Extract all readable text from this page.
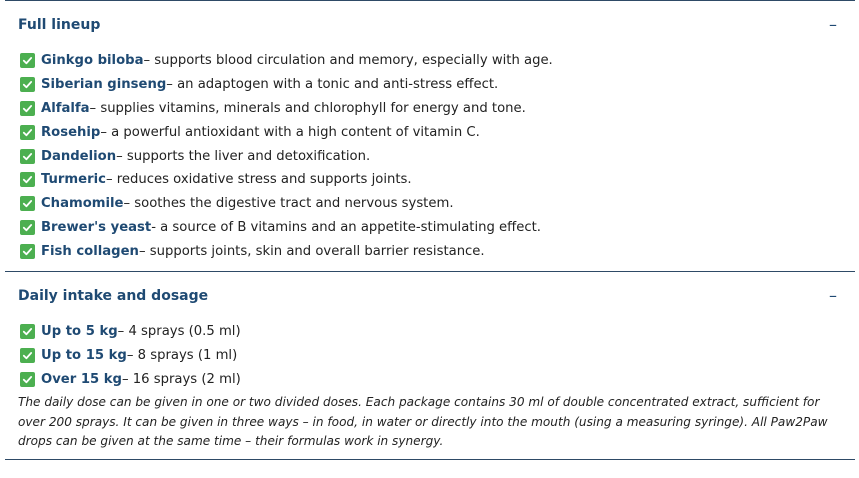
Full lineup	–
Ginkgo biloba – supports blood circulation and memory, especially with age.
Siberian ginseng – an adaptogen with a tonic and anti-stress effect.
Alfalfa – supplies vitamins, minerals and chlorophyll for energy and tone.
Rosehip – a powerful antioxidant with a high content of vitamin C.
Dandelion – supports the liver and detoxification.
Turmeric – reduces oxidative stress and supports joints.
Chamomile – soothes the digestive tract and nervous system.
Brewer's yeast - a source of B vitamins and an appetite-stimulating effect.
Fish collagen – supports joints, skin and overall barrier resistance.
Daily intake and dosage	–
Up to 5 kg – 4 sprays (0.5 ml)
Up to 15 kg – 8 sprays (1 ml)
Over 15 kg – 16 sprays (2 ml)

The daily dose can be given in one or two divided doses. Each package contains 30 ml of double concentrated extract, sufficient for over 200 sprays. It can be given in three ways – in food, in water or directly into the mouth (using a measuring syringe). All Paw2Paw drops can be given at the same time – their formulas work in synergy.
